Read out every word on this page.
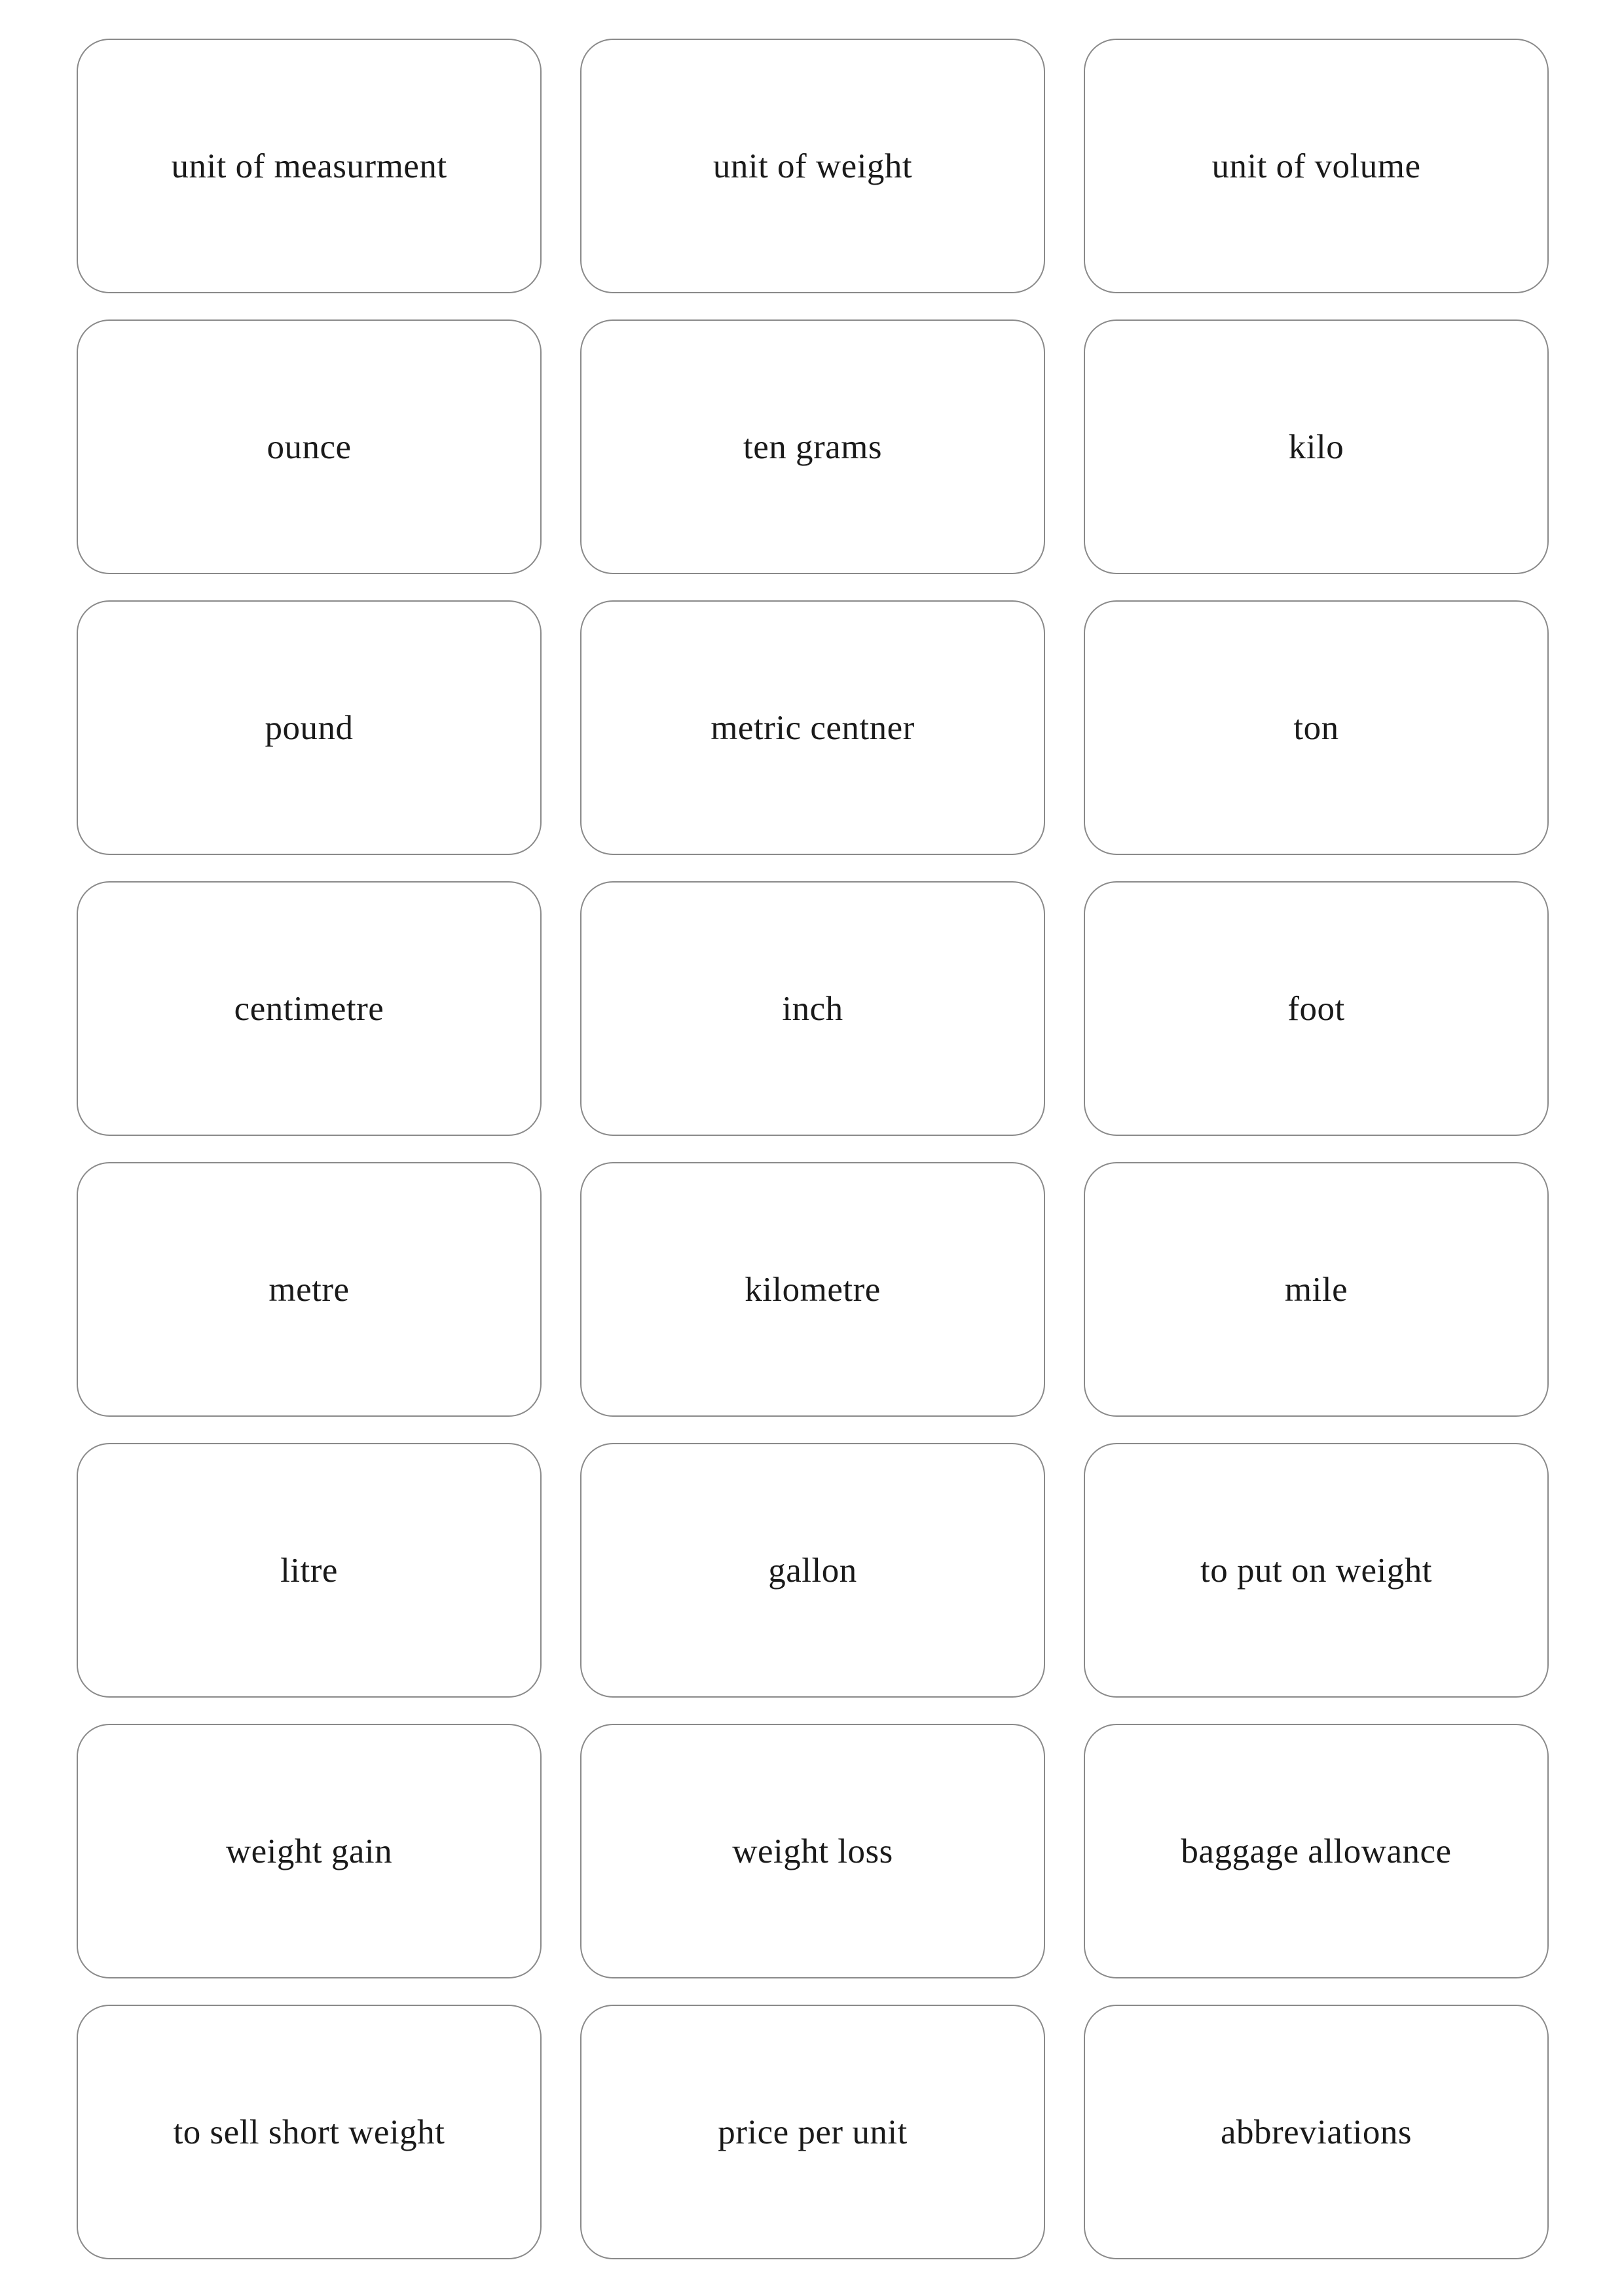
unit of measurment	unit of weight	unit of volume
ounce	ten grams	kilo
pound	metric centner	ton
centimetre	inch	foot
metre	kilometre	mile
litre	gallon	to put on weight
weight gain	weight loss	baggage allowance
to sell short weight	price per unit	abbreviations
